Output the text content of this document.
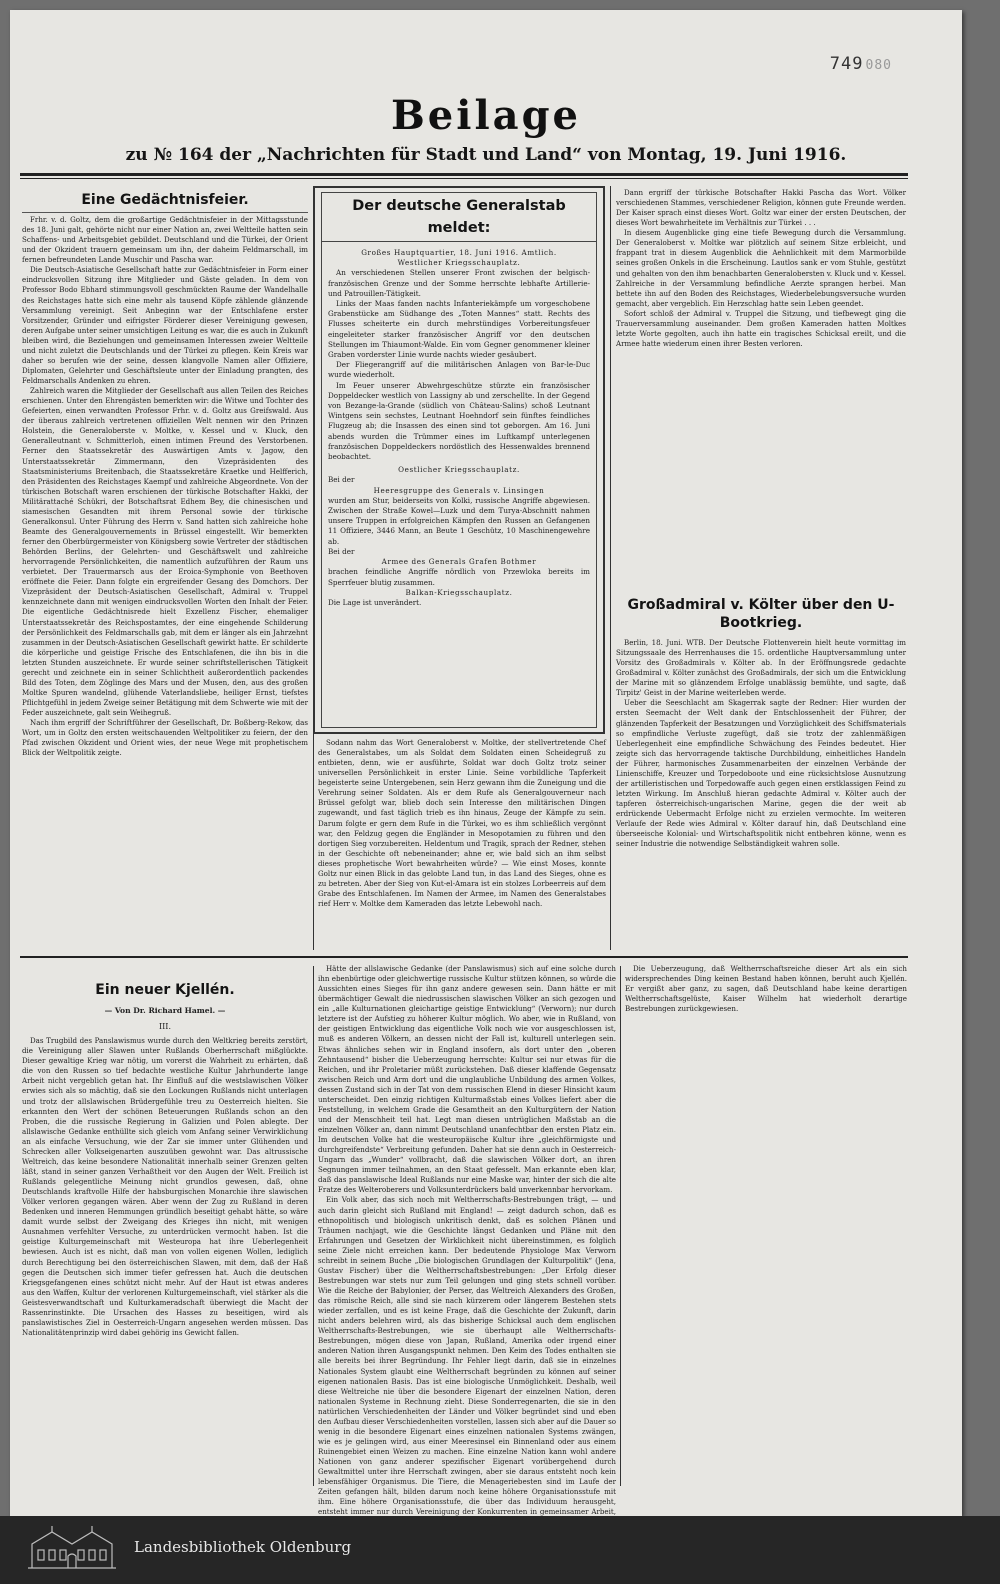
749 080
Beilage
zu № 164 der „Nachrichten für Stadt und Land“ von Montag, 19. Juni 1916.
Eine Gedächtnisfeier.

Frhr. v. d. Goltz, dem die großartige Gedächtnisfeier in der Mittagsstunde des 18. Juni galt, gehörte nicht nur einer Nation an, zwei Weltteile hatten sein Schaffens- und Arbeitsgebiet gebildet. Deutschland und die Türkei, der Orient und der Okzident trauern gemeinsam um ihn, der daheim Feldmarschall, im fernen befreundeten Lande Muschir und Pascha war.

Die Deutsch-Asiatische Gesellschaft hatte zur Gedächtnisfeier in Form einer eindrucksvollen Sitzung ihre Mitglieder und Gäste geladen. In dem von Professor Bodo Ebhard stimmungsvoll geschmückten Raume der Wandelhalle des Reichstages hatte sich eine mehr als tausend Köpfe zählende glänzende Versammlung vereinigt. Seit Anbeginn war der Entschlafene erster Vorsitzender, Gründer und eifrigster Förderer dieser Vereinigung gewesen, deren Aufgabe unter seiner umsichtigen Leitung es war, die es auch in Zukunft bleiben wird, die Beziehungen und gemeinsamen Interessen zweier Weltteile und nicht zuletzt die Deutschlands und der Türkei zu pflegen. Kein Kreis war daher so berufen wie der seine, dessen klangvolle Namen aller Offiziere, Diplomaten, Gelehrter und Geschäftsleute unter der Einladung prangten, des Feldmarschalls Andenken zu ehren.

Zahlreich waren die Mitglieder der Gesellschaft aus allen Teilen des Reiches erschienen. Unter den Ehrengästen bemerkten wir: die Witwe und Tochter des Gefeierten, einen verwandten Professor Frhr. v. d. Goltz aus Greifswald. Aus der überaus zahlreich vertretenen offiziellen Welt nennen wir den Prinzen Holstein, die Generaloberste v. Moltke, v. Kessel und v. Kluck, den Generalleutnant v. Schmitterloh, einen intimen Freund des Verstorbenen. Ferner den Staatssekretär des Auswärtigen Amts v. Jagow, den Unterstaatssekretär Zimmermann, den Vizepräsidenten des Staatsministeriums Breitenbach, die Staatssekretäre Kraetke und Helfferich, den Präsidenten des Reichstages Kaempf und zahlreiche Abgeordnete. Von der türkischen Botschaft waren erschienen der türkische Botschafter Hakki, der Militärattaché Schükri, der Botschaftsrat Edhem Bey, die chinesischen und siamesischen Gesandten mit ihrem Personal sowie der türkische Generalkonsul. Unter Führung des Herrn v. Sand hatten sich zahlreiche hohe Beamte des Generalgouvernements in Brüssel eingestellt. Wir bemerkten ferner den Oberbürgermeister von Königsberg sowie Vertreter der städtischen Behörden Berlins, der Gelehrten- und Geschäftswelt und zahlreiche hervorragende Persönlichkeiten, die namentlich aufzuführen der Raum uns verbietet. Der Trauermarsch aus der Eroica-Symphonie von Beethoven eröffnete die Feier. Dann folgte ein ergreifender Gesang des Domchors. Der Vizepräsident der Deutsch-Asiatischen Gesellschaft, Admiral v. Truppel kennzeichnete dann mit wenigen eindrucksvollen Worten den Inhalt der Feier. Die eigentliche Gedächtnisrede hielt Exzellenz Fischer, ehemaliger Unterstaatssekretär des Reichspostamtes, der eine eingehende Schilderung der Persönlichkeit des Feldmarschalls gab, mit dem er länger als ein Jahrzehnt zusammen in der Deutsch-Asiatischen Gesellschaft gewirkt hatte. Er schilderte die körperliche und geistige Frische des Entschlafenen, die ihn bis in die letzten Stunden auszeichnete. Er wurde seiner schriftstellerischen Tätigkeit gerecht und zeichnete ein in seiner Schlichtheit außerordentlich packendes Bild des Toten, dem Zöglinge des Mars und der Musen, den, aus des großen Moltke Spuren wandelnd, glühende Vaterlandsliebe, heiliger Ernst, tiefstes Pflichtgefühl in jedem Zweige seiner Betätigung mit dem Schwerte wie mit der Feder auszeichnete, galt sein Weihegruß.

Nach ihm ergriff der Schriftführer der Gesellschaft, Dr. Boßberg-Rekow, das Wort, um in Goltz den ersten weitschauenden Weltpolitiker zu feiern, der den Pfad zwischen Okzident und Orient wies, der neue Wege mit prophetischem Blick der Weltpolitik zeigte.

Der deutsche Generalstab meldet:

Großes Hauptquartier, 18. Juni 1916. Amtlich.

Westlicher Kriegsschauplatz.

An verschiedenen Stellen unserer Front zwischen der belgisch-französischen Grenze und der Somme herrschte lebhafte Artillerie- und Patrouillen-Tätigkeit.

Links der Maas fanden nachts Infanteriekämpfe um vorgeschobene Grabenstücke am Südhange des „Toten Mannes“ statt. Rechts des Flusses scheiterte ein durch mehrstündiges Vorbereitungsfeuer eingeleiteter starker französischer Angriff vor den deutschen Stellungen im Thiaumont-Walde. Ein vom Gegner genommener kleiner Graben vorderster Linie wurde nachts wieder gesäubert.

Der Fliegerangriff auf die militärischen Anlagen von Bar-le-Duc wurde wiederholt.

Im Feuer unserer Abwehrgeschütze stürzte ein französischer Doppeldecker westlich von Lassigny ab und zerschellte. In der Gegend von Bezange-la-Grande (südlich von Château-Salins) schoß Leutnant Wintgens sein sechstes, Leutnant Hoehndorf sein fünftes feindliches Flugzeug ab; die Insassen des einen sind tot geborgen. Am 16. Juni abends wurden die Trümmer eines im Luftkampf unterlegenen französischen Doppeldeckers nordöstlich des Hessenwaldes brennend beobachtet.

Oestlicher Kriegsschauplatz.

Bei der

Heeresgruppe des Generals v. Linsingen

wurden am Stur, beiderseits von Kolki, russische Angriffe abgewiesen. Zwischen der Straße Kowel—Luzk und dem Turya-Abschnitt nahmen unsere Truppen in erfolgreichen Kämpfen den Russen an Gefangenen 11 Offiziere, 3446 Mann, an Beute 1 Geschütz, 10 Maschinengewehre ab.

Bei der

Armee des Generals Grafen Bothmer

brachen feindliche Angriffe nördlich von Przewloka bereits im Sperrfeuer blutig zusammen.

Balkan-Kriegsschauplatz.

Die Lage ist unverändert.

Sodann nahm das Wort Generaloberst v. Moltke, der stellvertretende Chef des Generalstabes, um als Soldat dem Soldaten einen Scheidegruß zu entbieten, denn, wie er ausführte, Soldat war doch Goltz trotz seiner universellen Persönlichkeit in erster Linie. Seine vorbildliche Tapferkeit begeisterte seine Untergebenen, sein Herz gewann ihm die Zuneigung und die Verehrung seiner Soldaten. Als er dem Rufe als Generalgouverneur nach Brüssel gefolgt war, blieb doch sein Interesse den militärischen Dingen zugewandt, und fast täglich trieb es ihn hinaus, Zeuge der Kämpfe zu sein. Darum folgte er gern dem Rufe in die Türkei, wo es ihm schließlich vergönnt war, den Feldzug gegen die Engländer in Mesopotamien zu führen und den dortigen Sieg vorzubereiten. Heldentum und Tragik, sprach der Redner, stehen in der Geschichte oft nebeneinander; ahne er, wie bald sich an ihm selbst dieses prophetische Wort bewahrheiten würde? — Wie einst Moses, konnte Goltz nur einen Blick in das gelobte Land tun, in das Land des Sieges, ohne es zu betreten. Aber der Sieg von Kut-el-Amara ist ein stolzes Lorbeerreis auf dem Grabe des Entschlafenen. Im Namen der Armee, im Namen des Generalstabes rief Herr v. Moltke dem Kameraden das letzte Lebewohl nach.

Dann ergriff der türkische Botschafter Hakki Pascha das Wort. Völker verschiedenen Stammes, verschiedener Religion, können gute Freunde werden. Der Kaiser sprach einst dieses Wort. Goltz war einer der ersten Deutschen, der dieses Wort bewahrheitete im Verhältnis zur Türkei . . .

In diesem Augenblicke ging eine tiefe Bewegung durch die Versammlung. Der Generaloberst v. Moltke war plötzlich auf seinem Sitze erbleicht, und frappant trat in diesem Augenblick die Aehnlichkeit mit dem Marmorbilde seines großen Onkels in die Erscheinung. Lautlos sank er vom Stuhle, gestützt und gehalten von den ihm benachbarten Generalobersten v. Kluck und v. Kessel. Zahlreiche in der Versammlung befindliche Aerzte sprangen herbei. Man bettete ihn auf den Boden des Reichstages, Wiederbelebungsversuche wurden gemacht, aber vergeblich. Ein Herzschlag hatte sein Leben geendet.

Sofort schloß der Admiral v. Truppel die Sitzung, und tiefbewegt ging die Trauerversammlung auseinander. Dem großen Kameraden hatten Moltkes letzte Worte gegolten, auch ihn hatte ein tragisches Schicksal ereilt, und die Armee hatte wiederum einen ihrer Besten verloren.

Großadmiral v. Költer über den U-Bootkrieg.

Berlin, 18. Juni. WTB. Der Deutsche Flottenverein hielt heute vormittag im Sitzungssaale des Herrenhauses die 15. ordentliche Hauptversammlung unter Vorsitz des Großadmirals v. Költer ab. In der Eröffnungsrede gedachte Großadmiral v. Költer zunächst des Großadmirals, der sich um die Entwicklung der Marine mit so glänzendem Erfolge unablässig bemühte, und sagte, daß Tirpitz' Geist in der Marine weiterleben werde.

Ueber die Seeschlacht am Skagerrak sagte der Redner: Hier wurden der ersten Seemacht der Welt dank der Entschlossenheit der Führer, der glänzenden Tapferkeit der Besatzungen und Vorzüglichkeit des Schiffsmaterials so empfindliche Verluste zugefügt, daß sie trotz der zahlenmäßigen Ueberlegenheit eine empfindliche Schwächung des Feindes bedeutet. Hier zeigte sich das hervorragende taktische Durchbildung, einheitliches Handeln der Führer, harmonisches Zusammenarbeiten der einzelnen Verbände der Linienschiffe, Kreuzer und Torpedoboote und eine rücksichtslose Ausnutzung der artilleristischen und Torpedowaffe auch gegen einen erstklassigen Feind zu letzten Wirkung. Im Anschluß hieran gedachte Admiral v. Költer auch der tapferen österreichisch-ungarischen Marine, gegen die der weit ab erdrückende Uebermacht Erfolge nicht zu erzielen vermochte. Im weiteren Verlaufe der Rede wies Admiral v. Költer darauf hin, daß Deutschland eine überseeische Kolonial- und Wirtschaftspolitik nicht entbehren könne, wenn es seiner Industrie die notwendige Selbständigkeit wahren solle.

Ein neuer Kjellén.
— Von Dr. Richard Hamel. —
III.

Das Trugbild des Panslawismus wurde durch den Weltkrieg bereits zerstört, die Vereinigung aller Slawen unter Rußlands Oberherrschaft mißglückte. Dieser gewaltige Krieg war nötig, um vorerst die Wahrheit zu erhärten, daß die von den Russen so tief bedachte westliche Kultur Jahrhunderte lange Arbeit nicht vergeblich getan hat. Ihr Einfluß auf die westslawischen Völker erwies sich als so mächtig, daß sie den Lockungen Rußlands nicht unterlagen und trotz der allslawischen Brüdergefühle treu zu Oesterreich hielten. Sie erkannten den Wert der schönen Beteuerungen Rußlands schon an den Proben, die die russische Regierung in Galizien und Polen ablegte. Der allslawische Gedanke enthüllte sich gleich vom Anfang seiner Verwirklichung an als einfache Versuchung, wie der Zar sie immer unter Glühenden und Schrecken aller Volkseigenarten auszuüben gewohnt war. Das altrussische Weltreich, das keine besondere Nationalität innerhalb seiner Grenzen gelten läßt, stand in seiner ganzen Verhaßtheit vor den Augen der Welt. Freilich ist Rußlands gelegentliche Meinung nicht grundlos gewesen, daß, ohne Deutschlands kraftvolle Hilfe der habsburgischen Monarchie ihre slawischen Völker verloren gegangen wären. Aber wenn der Zug zu Rußland in deren Bedenken und inneren Hemmungen gründlich beseitigt gehabt hätte, so wäre damit wurde selbst der Zweigang des Krieges ihn nicht, mit wenigen Ausnahmen verfehlter Versuche, zu unterdrücken vermocht haben. Ist die geistige Kulturgemeinschaft mit Westeuropa hat ihre Ueberlegenheit bewiesen. Auch ist es nicht, daß man von vollen eigenen Wollen, lediglich durch Berechtigung bei den österreichischen Slawen, mit dem, daß der Haß gegen die Deutschen sich immer tiefer gefressen hat. Auch die deutschen Kriegsgefangenen eines schützt nicht mehr. Auf der Haut ist etwas anderes aus den Waffen, Kultur der verlorenen Kulturgemeinschaft, viel stärker als die Geistesverwandtschaft und Kulturkameradschaft überwiegt die Macht der Rassenrinstinkte. Die Ursachen des Hasses zu beseitigen, wird als panslawistisches Ziel in Oesterreich-Ungarn angesehen werden müssen. Das Nationalitätenprinzip wird dabei gehörig ins Gewicht fallen.

Hätte der allslawische Gedanke (der Panslawismus) sich auf eine solche durch ihn ebenbürtige oder gleichwertige russische Kultur stützen können, so würde die Aussichten eines Sieges für ihn ganz andere gewesen sein. Dann hätte er mit übermächtiger Gewalt die niedrussischen slawischen Völker an sich gezogen und ein „alle Kulturnationen gleichartige geistige Entwicklung“ (Verworn); nur durch letztere ist der Aufstieg zu höherer Kultur möglich. Wo aber, wie in Rußland, von der geistigen Entwicklung das eigentliche Volk noch wie vor ausgeschlossen ist, muß es anderen Völkern, an dessen nicht der Fall ist, kulturell unterlegen sein. Etwas ähnliches sehen wir in England insofern, als dort unter den „oberen Zehntausend“ bisher die Ueberzeugung herrschte: Kultur sei nur etwas für die Reichen, und ihr Proletarier müßt zurückstehen. Daß dieser klaffende Gegensatz zwischen Reich und Arm dort und die unglaubliche Unbildung des armen Volkes, dessen Zustand sich in der Tat von dem russischen Elend in dieser Hinsicht kaum unterscheidet. Den einzig richtigen Kulturmaßstab eines Volkes liefert aber die Feststellung, in welchem Grade die Gesamtheit an den Kulturgütern der Nation und der Menschheit teil hat. Legt man diesen untrüglichen Maßstab an die einzelnen Völker an, dann nimmt Deutschland unanfechtbar den ersten Platz ein. Im deutschen Volke hat die westeuropäische Kultur ihre „gleichförmigste und durchgreifendste“ Verbreitung gefunden. Daher hat sie denn auch in Oesterreich-Ungarn das „Wunder“ vollbracht, daß die slawischen Völker dort, an ihren Segnungen immer teilnahmen, an den Staat gefesselt. Man erkannte eben klar, daß das panslawische Ideal Rußlands nur eine Maske war, hinter der sich die alte Fratze des Welteroberers und Volksunterdrückers bald unverkennbar hervorkam.

Ein Volk aber, das sich noch mit Weltherrschafts-Bestrebungen trägt, — und auch darin gleicht sich Rußland mit England! — zeigt dadurch schon, daß es ethnopolitisch und biologisch unkritisch denkt, daß es solchen Plänen und Träumen nachjagt, wie die Geschichte längst Gedanken und Pläne mit den Erfahrungen und Gesetzen der Wirklichkeit nicht übereinstimmen, es folglich seine Ziele nicht erreichen kann. Der bedeutende Physiologe Max Verworn schreibt in seinem Buche „Die biologischen Grundlagen der Kulturpolitik“ (Jena, Gustav Fischer) über die Weltherrschaftsbestrebungen: „Der Erfolg dieser Bestrebungen war stets nur zum Teil gelungen und ging stets schnell vorüber. Wie die Reiche der Babylonier, der Perser, das Weltreich Alexanders des Großen, das römische Reich, alle sind sie nach kürzerem oder längerem Bestehen stets wieder zerfallen, und es ist keine Frage, daß die Geschichte der Zukunft, darin nicht anders belehren wird, als das bisherige Schicksal auch dem englischen Weltherrschafts-Bestrebungen, wie sie überhaupt alle Weltherrschafts-Bestrebungen, mögen diese von Japan, Rußland, Amerika oder irgend einer anderen Nation ihren Ausgangspunkt nehmen. Den Keim des Todes enthalten sie alle bereits bei ihrer Begründung. Ihr Fehler liegt darin, daß sie in einzelnes Nationales System glaubt eine Weltherrschaft begründen zu können auf seiner eigenen nationalen Basis. Das ist eine biologische Unmöglichkeit. Deshalb, weil diese Weltreiche nie über die besondere Eigenart der einzelnen Nation, deren nationalen Systeme in Rechnung zieht. Diese Sonderregenarten, die sie in den natürlichen Verschiedenheiten der Länder und Völker begründet sind und eben den Aufbau dieser Verschiedenheiten vorstellen, lassen sich aber auf die Dauer so wenig in die besondere Eigenart eines einzelnen nationalen Systems zwängen, wie es je gelingen wird, aus einer Meeresinsel ein Binnenland oder aus einem Ruinengebiet einen Weizen zu machen. Eine einzelne Nation kann wohl andere Nationen von ganz anderer spezifischer Eigenart vorübergehend durch Gewaltmittel unter ihre Herrschaft zwingen, aber sie daraus entsteht noch kein lebensfähiger Organismus. Die Tiere, die Menageriebesten sind im Laufe der Zeiten gefangen hält, bilden darum noch keine höhere Organisationsstufe mit ihm. Eine höhere Organisationsstufe, die über das Individuum herausgeht, entsteht immer nur durch Vereinigung der Konkurrenten in gemeinsamer Arbeit,

Die Ueberzeugung, daß Weltherrschaftsreiche dieser Art als ein sich widersprechendes Ding keinen Bestand haben können, beruht auch Kjellén. Er vergißt aber ganz, zu sagen, daß Deutschland habe keine derartigen Weltherrschaftsgelüste, Kaiser Wilhelm hat wiederholt derartige Bestrebungen zurückgewiesen.

Landesbibliothek Oldenburg
